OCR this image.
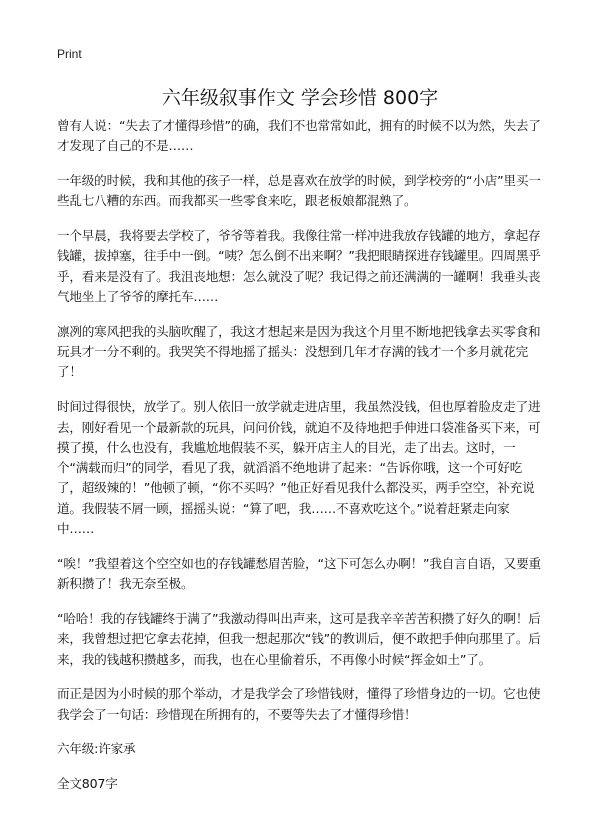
Print
六年级叙事作文 学会珍惜 800字

曾有人说：“失去了才懂得珍惜”的确，我们不也常常如此，拥有的时候不以为然，失去了才发现了自己的不是……

一年级的时候，我和其他的孩子一样，总是喜欢在放学的时候，到学校旁的“小店”里买一些乱七八糟的东西。而我都买一些零食来吃，跟老板娘都混熟了。

一个早晨，我将要去学校了，爷爷等着我。我像往常一样冲进我放存钱罐的地方，拿起存钱罐，拔掉塞，往手中一倒。“咦？怎么倒不出来啊？”我把眼睛探进存钱罐里。四周黑乎乎，看来是没有了。我沮丧地想：怎么就没了呢？我记得之前还满满的一罐啊！我垂头丧气地坐上了爷爷的摩托车……

凛冽的寒风把我的头脑吹醒了，我这才想起来是因为我这个月里不断地把钱拿去买零食和玩具才一分不剩的。我哭笑不得地摇了摇头：没想到几年才存满的钱才一个多月就花完了！

时间过得很快，放学了。别人依旧一放学就走进店里，我虽然没钱，但也厚着脸皮走了进去，刚好看见一个最新款的玩具，问问价钱，就迫不及待地把手伸进口袋准备买下来，可摸了摸，什么也没有，我尴尬地假装不买，躲开店主人的目光，走了出去。这时，一个“满载而归”的同学，看见了我，就滔滔不绝地讲了起来：“告诉你哦，这一个可好吃了，超级辣的！”他顿了顿，“你不买吗？”他正好看见我什么都没买，两手空空，补充说道。我假装不屑一顾，摇摇头说：“算了吧，我……不喜欢吃这个。”说着赶紧走向家中……

“唉！”我望着这个空空如也的存钱罐愁眉苦脸，“这下可怎么办啊！”我自言自语，又要重新积攒了！我无奈至极。

“哈哈！我的存钱罐终于满了”我激动得叫出声来，这可是我辛辛苦苦积攒了好久的啊！后来，我曾想过把它拿去花掉，但我一想起那次“钱”的教训后，便不敢把手伸向那里了。后来，我的钱越积攒越多，而我，也在心里偷着乐，不再像小时候“挥金如土”了。

而正是因为小时候的那个举动，才是我学会了珍惜钱财，懂得了珍惜身边的一切。它也使我学会了一句话：珍惜现在所拥有的，不要等失去了才懂得珍惜！

六年级:许家承

全文807字
